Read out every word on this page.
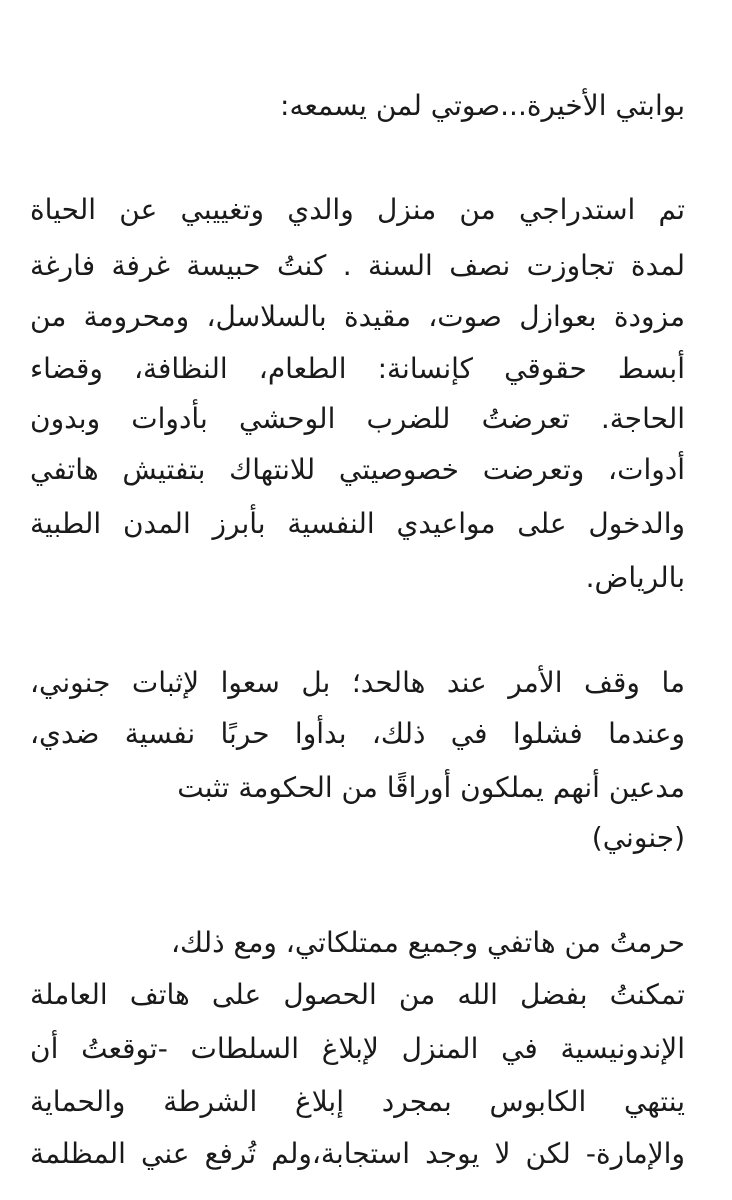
بوابتي الأخيرة...صوتي لمن يسمعه:
تم استدراجي من منزل والدي وتغييبي عن الحياة
لمدة تجاوزت نصف السنة . كنتُ حبيسة غرفة فارغة
مزودة بعوازل صوت، مقيدة بالسلاسل، ومحرومة من
أبسط حقوقي كإنسانة: الطعام، النظافة، وقضاء
الحاجة. تعرضتُ للضرب الوحشي بأدوات وبدون
أدوات، وتعرضت خصوصيتي للانتهاك بتفتيش هاتفي
والدخول على مواعيدي النفسية بأبرز المدن الطبية
بالرياض.
ما وقف الأمر عند هالحد؛ بل سعوا لإثبات جنوني،
وعندما فشلوا في ذلك، بدأوا حربًا نفسية ضدي،
مدعين أنهم يملكون أوراقًا من الحكومة تثبت
(جنوني)
حرمتُ من هاتفي وجميع ممتلكاتي، ومع ذلك،
تمكنتُ بفضل الله من الحصول على هاتف العاملة
الإندونيسية في المنزل لإبلاغ السلطات -توقعتُ أن
ينتهي الكابوس بمجرد إبلاغ الشرطة والحماية
والإمارة- لكن لا يوجد استجابة،ولم تُرفع عني المظلمة
